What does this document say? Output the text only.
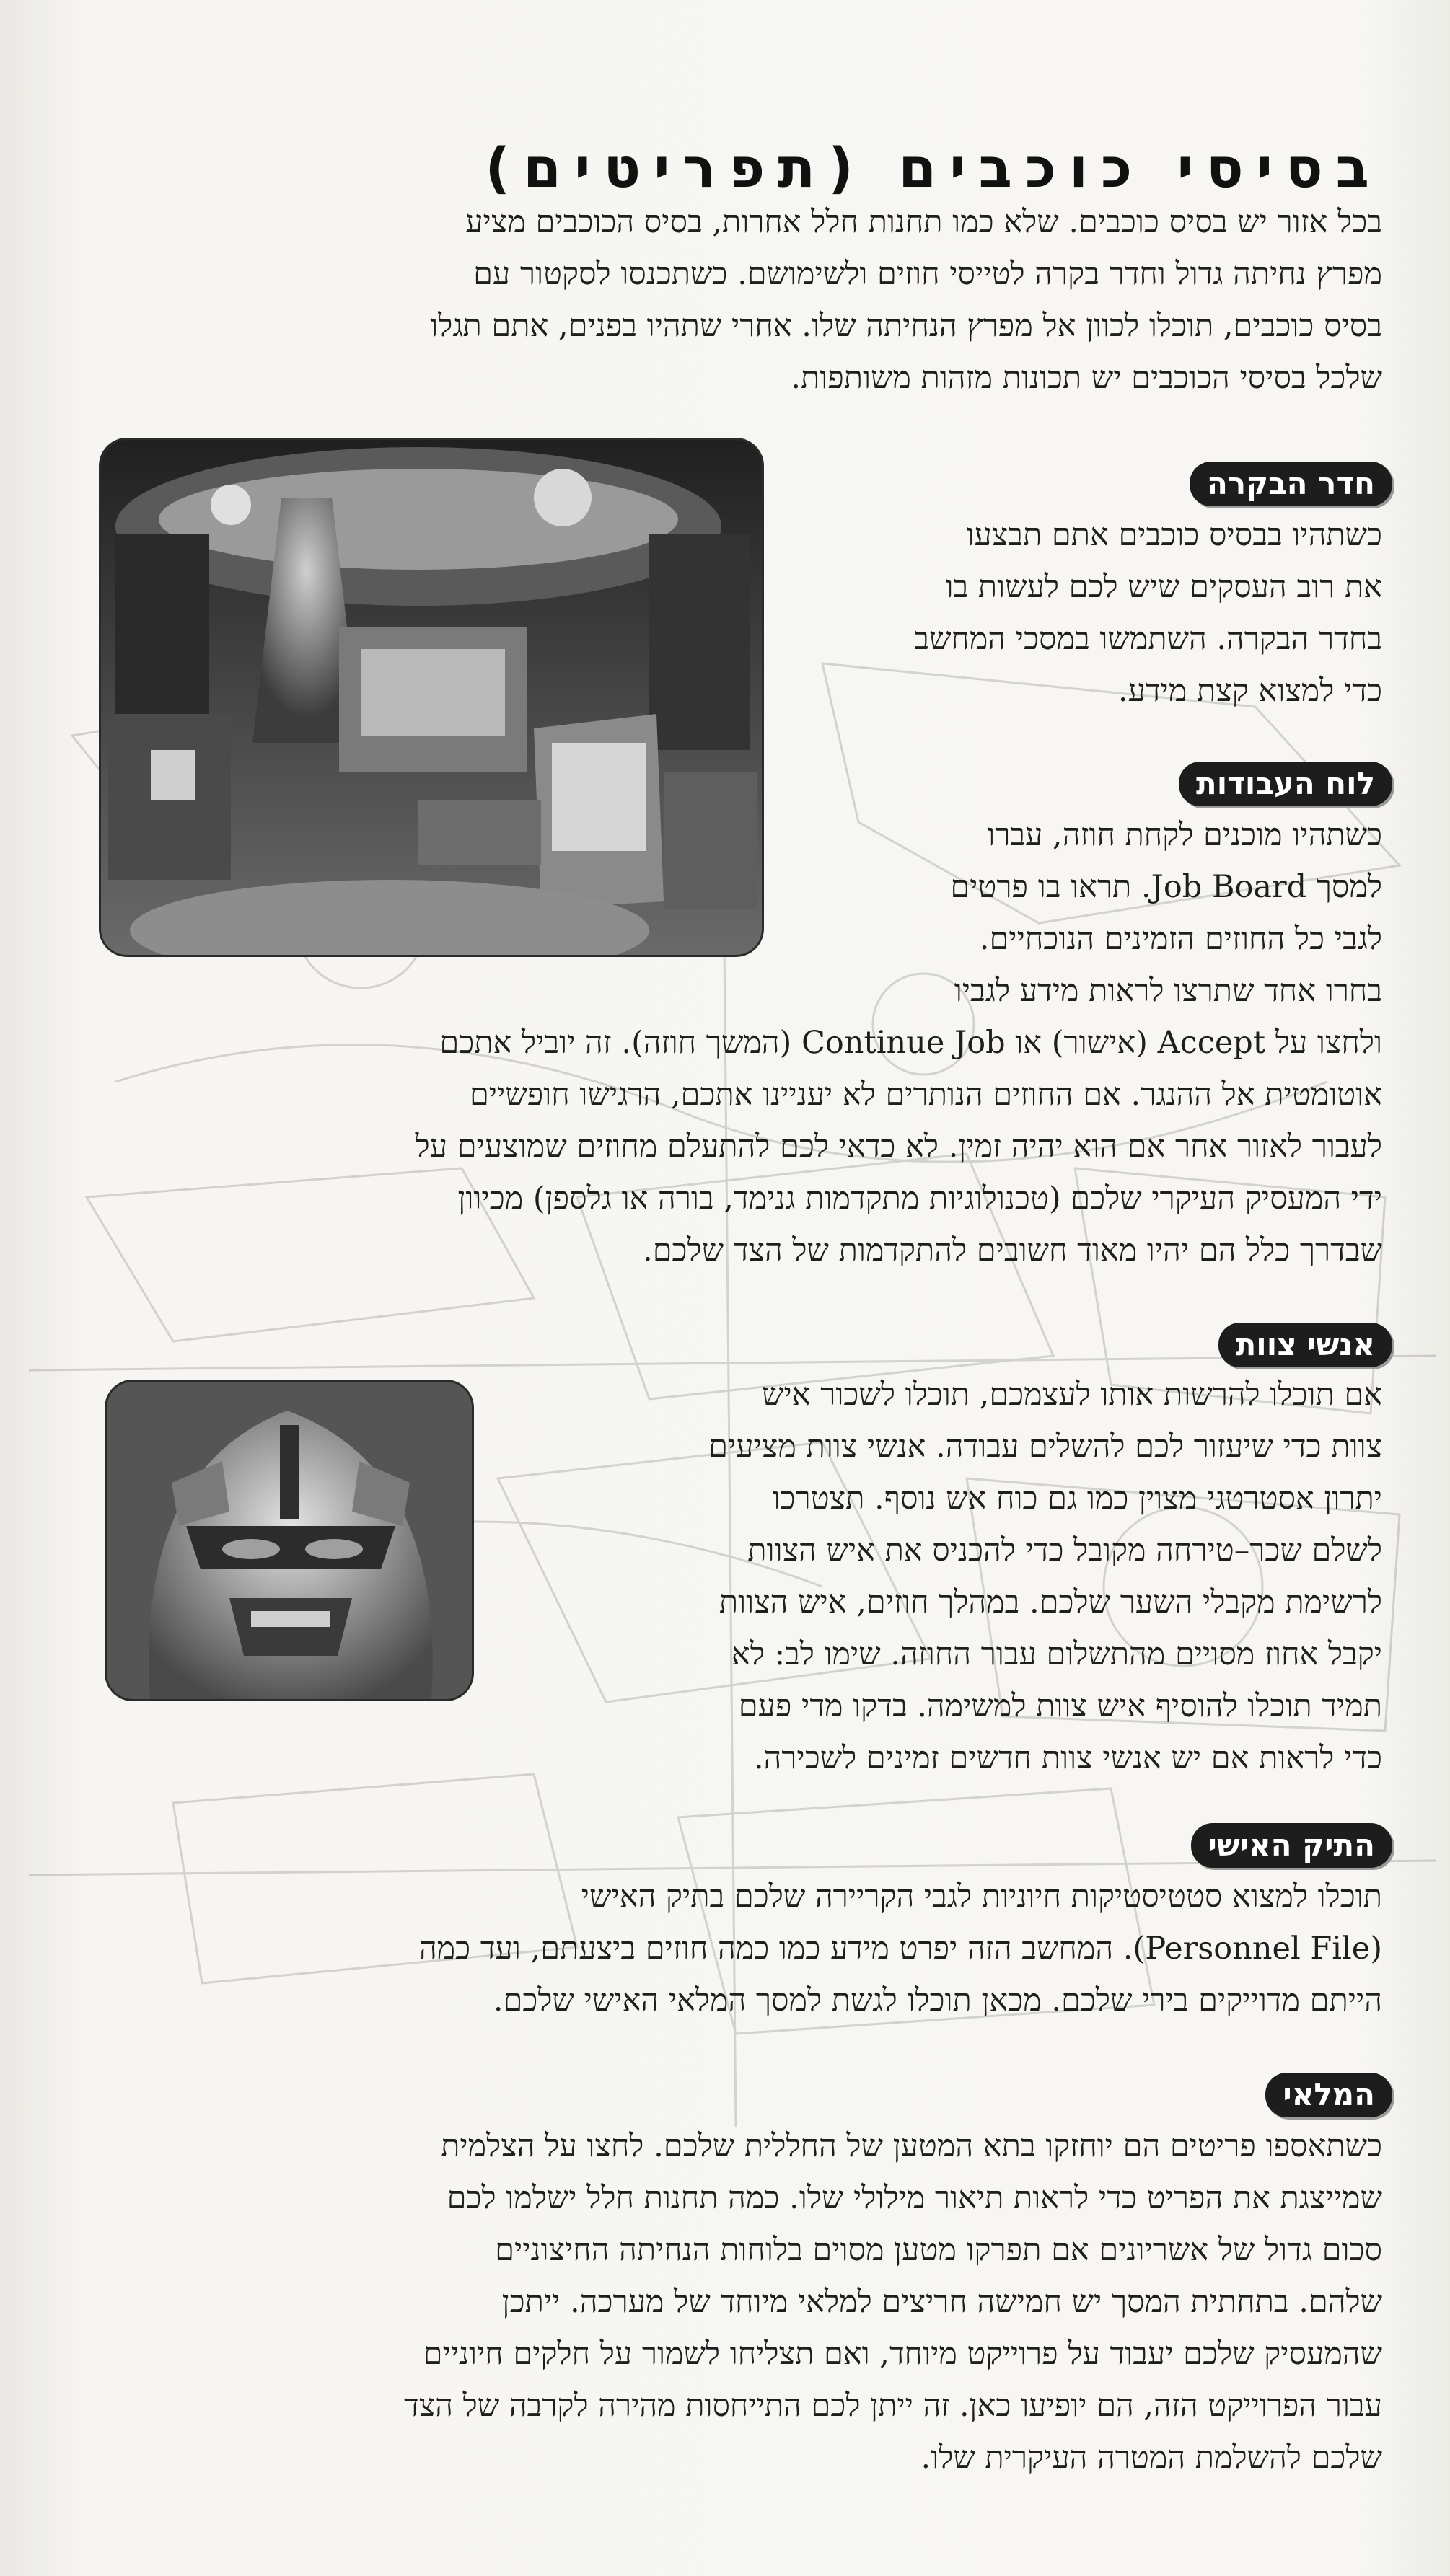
בסיסי כוכבים (תפריטים)
בכל אזור יש בסיס כוכבים. שלא כמו תחנות חלל אחרות, בסיס הכוכבים מציע
מפרץ נחיתה גדול וחדר בקרה לטייסי חוזים ולשימושם. כשתכנסו לסקטור עם
בסיס כוכבים, תוכלו לכוון אל מפרץ הנחיתה שלו. אחרי שתהיו בפנים, אתם תגלו
שלכל בסיסי הכוכבים יש תכונות מזהות משותפות.
חדר הבקרה
כשתהיו בבסיס כוכבים אתם תבצעו
את רוב העסקים שיש לכם לעשות בו
בחדר הבקרה. השתמשו במסכי המחשב
כדי למצוא קצת מידע.
לוח העבודות
כשתהיו מוכנים לקחת חוזה, עברו
למסך Job Board. תראו בו פרטים
לגבי כל החוזים הזמינים הנוכחיים.
בחרו אחד שתרצו לראות מידע לגביו
ולחצו על Accept (אישור) או Continue Job (המשך חוזה). זה יוביל אתכם
אוטומטית אל ההנגר. אם החוזים הנותרים לא יעניינו אתכם, הרגישו חופשיים
לעבור לאזור אחר אם הוא יהיה זמין. לא כדאי לכם להתעלם מחוזים שמוצעים על
ידי המעסיק העיקרי שלכם (טכנולוגיות מתקדמות גנימד, בורה או גלספן) מכיוון
שבדרך כלל הם יהיו מאוד חשובים להתקדמות של הצד שלכם.
אנשי צוות
אם תוכלו להרשות אותו לעצמכם, תוכלו לשכור איש
צוות כדי שיעזור לכם להשלים עבודה. אנשי צוות מציעים
יתרון אסטרטגי מצוין כמו גם כוח אש נוסף. תצטרכו
לשלם שכר–טירחה מקובל כדי להכניס את איש הצוות
לרשימת מקבלי השער שלכם. במהלך חוזים, איש הצוות
יקבל אחוז מסויים מהתשלום עבור החוזה. שימו לב: לא
תמיד תוכלו להוסיף איש צוות למשימה. בדקו מדי פעם
כדי לראות אם יש אנשי צוות חדשים זמינים לשכירה.
התיק האישי
תוכלו למצוא סטטיסטיקות חיוניות לגבי הקריירה שלכם בתיק האישי
(Personnel File). המחשב הזה יפרט מידע כמו כמה חוזים ביצעתם, ועד כמה
הייתם מדוייקים בירי שלכם. מכאן תוכלו לגשת למסך המלאי האישי שלכם.
המלאי
כשתאספו פריטים הם יוחזקו בתא המטען של החללית שלכם. לחצו על הצלמית
שמייצגת את הפריט כדי לראות תיאור מילולי שלו. כמה תחנות חלל ישלמו לכם
סכום גדול של אשריונים אם תפרקו מטען מסוים בלוחות הנחיתה החיצוניים
שלהם. בתחתית המסך יש חמישה חריצים למלאי מיוחד של מערכה. ייתכן
שהמעסיק שלכם יעבוד על פרוייקט מיוחד, ואם תצליחו לשמור על חלקים חיוניים
עבור הפרוייקט הזה, הם יופיעו כאן. זה ייתן לכם התייחסות מהירה לקרבה של הצד
שלכם להשלמת המטרה העיקרית שלו.
